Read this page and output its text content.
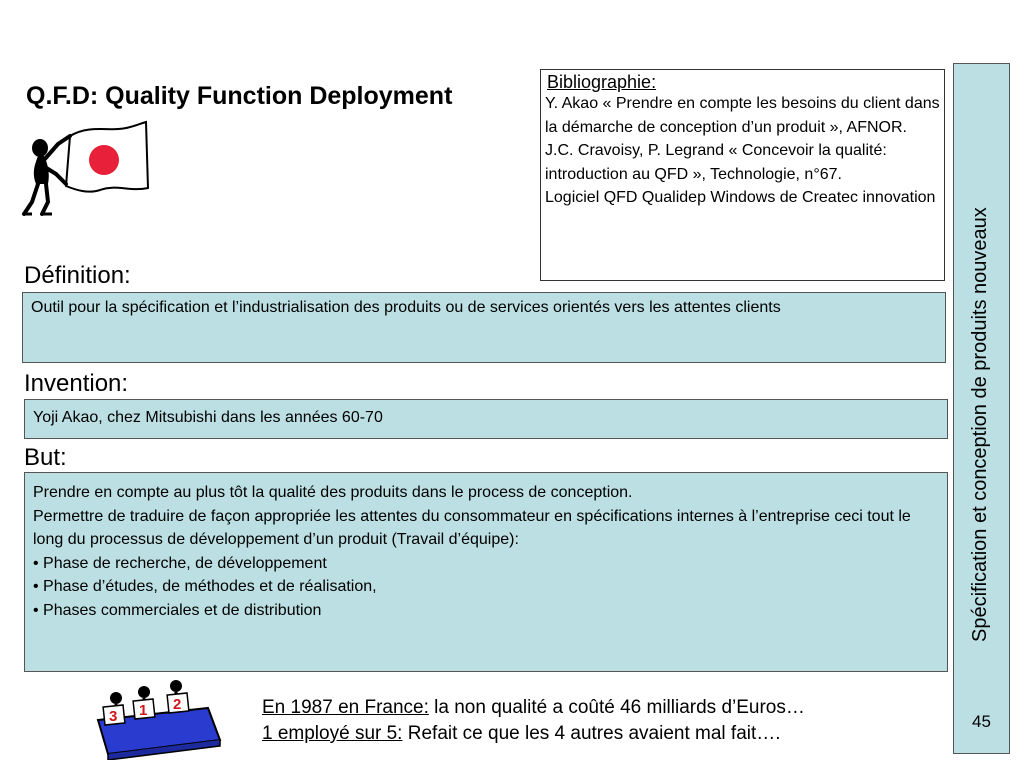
Q.F.D: Quality Function Deployment	Bibliographie:
Y. Akao « Prendre en compte les besoins du client dans la démarche de conception d’un produit », AFNOR.
J.C. Cravoisy, P. Legrand « Concevoir la qualité: introduction au QFD », Technologie, n°67.
Logiciel QFD Qualidep Windows de Createc innovation
Définition:
Outil pour la spécification et l’industrialisation des produits ou de services orientés vers les attentes clients
Invention:
Yoji Akao, chez Mitsubishi dans les années 60-70
But:
Prendre en compte au plus tôt la qualité des produits dans le process de conception.
Permettre de traduire de façon appropriée les attentes du consommateur en spécifications internes à l’entreprise ceci tout le long du processus de développement d’un produit (Travail d’équipe):
• Phase de recherche, de développement
• Phase d’études, de méthodes et de réalisation,
• Phases commerciales et de distribution	Spécification et conception de produits nouveaux
45
3 1 2	En 1987 en France: la non qualité a coûté 46 milliards d’Euros…
1 employé sur 5: Refait ce que les 4 autres avaient mal fait….
